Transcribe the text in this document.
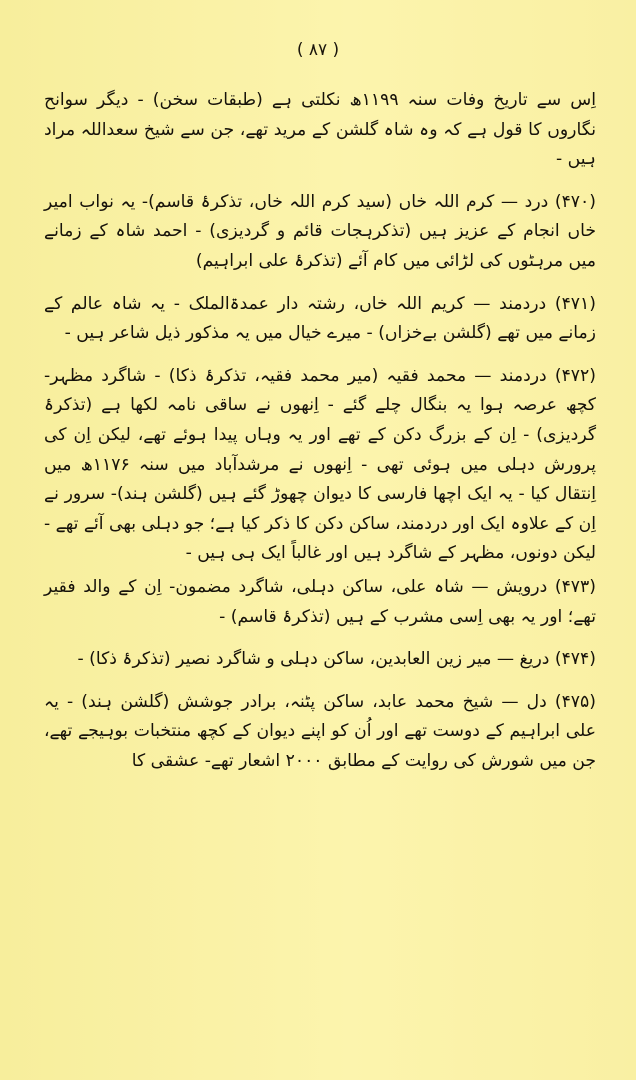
( ۸۷ )

اِس سے تاریخ وفات سنہ ۱۱۹۹ھ نکلتی ہے (طبقات سخن) - دیگر سوانح نگاروں کا قول ہے کہ وہ شاہ گلشن کے مرید تھے، جن سے شیخ سعداللہ مراد ہیں -

(۴۷۰) درد — کرم اللہ خاں (سید کرم اللہ خاں، تذکرۂ قاسم)- یہ نواب امیر خاں انجام کے عزیز ہیں (تذکرہجات قائم و گردیزی) - احمد شاہ کے زمانے میں مرہٹوں کی لڑائی میں کام آئے (تذکرۂ علی ابراہیم)

(۴۷۱) دردمند — کریم اللہ خاں، رشتہ دار عمدۃالملک - یہ شاہ عالم کے زمانے میں تھے (گلشن بےخزاں) - میرے خیال میں یہ مذکور ذیل شاعر ہیں -

(۴۷۲) دردمند — محمد فقیہ (میر محمد فقیہ، تذکرۂ ذکا) - شاگرد مظہر- کچھ عرصہ ہوا یہ بنگال چلے گئے - اِنھوں نے ساقی نامہ لکھا ہے (تذکرۂ گردیزی) - اِن کے بزرگ دکن کے تھے اور یہ وہاں پیدا ہوئے تھے، لیکن اِن کی پرورش دہلی میں ہوئی تھی - اِنھوں نے مرشدآباد میں سنہ ۱۱۷۶ھ میں اِنتقال کیا - یہ ایک اچھا فارسی کا دیوان چھوڑ گئے ہیں (گلشن ہند)- سرور نے اِن کے علاوہ ایک اور دردمند، ساکن دکن کا ذکر کیا ہے؛ جو دہلی بھی آئے تھے - لیکن دونوں، مظہر کے شاگرد ہیں اور غالباً ایک ہی ہیں -

(۴۷۳) درویش — شاہ علی، ساکن دہلی، شاگرد مضمون- اِن کے والد فقیر تھے؛ اور یہ بھی اِسی مشرب کے ہیں (تذکرۂ قاسم) -

(۴۷۴) دریغ — میر زین العابدین، ساکن دہلی و شاگرد نصیر (تذکرۂ ذکا) -

(۴۷۵) دل — شیخ محمد عابد، ساکن پٹنہ، برادر جوشش (گلشن ہند) - یہ علی ابراہیم کے دوست تھے اور اُن کو اپنے دیوان کے کچھ منتخبات بوہیجے تھے، جن میں شورش کی روایت کے مطابق ۲۰۰۰ اشعار تھے- عشقی کا
